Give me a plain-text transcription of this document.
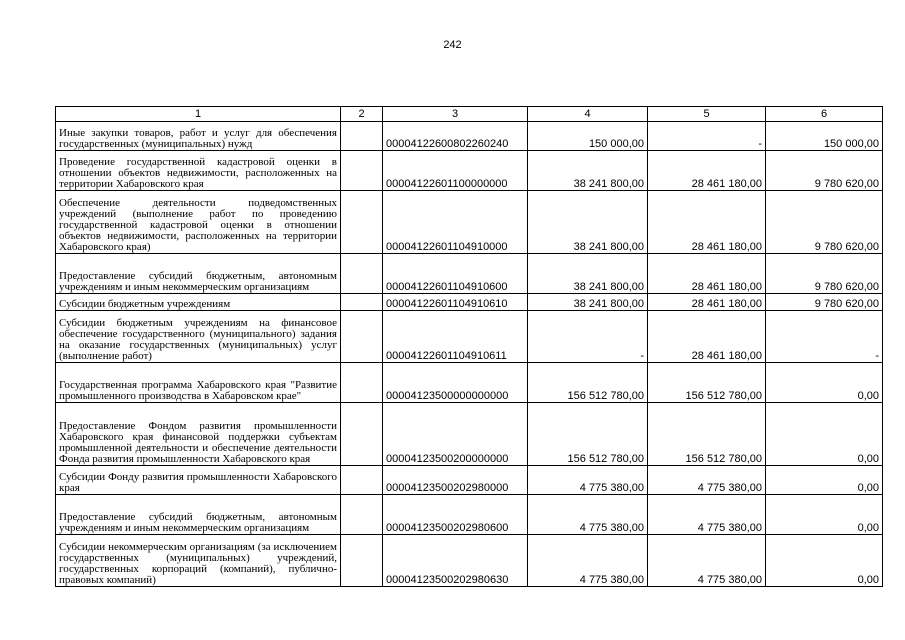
242
1	2	3	4	5	6
Иные закупки товаров, работ и услуг для обеспечения государственных (муниципальных) нужд		00004122600802260240	150 000,00	-	150 000,00
Проведение государственной кадастровой оценки в отношении объектов недвижимости, расположенных на территории Хабаровского края		00004122601100000000	38 241 800,00	28 461 180,00	9 780 620,00
Обеспечение деятельности подведомственных учреждений (выполнение работ по проведению государственной кадастровой оценки в отношении объектов недвижимости, расположенных на территории Хабаровского края)		00004122601104910000	38 241 800,00	28 461 180,00	9 780 620,00
Предоставление субсидий бюджетным, автономным учреждениям и иным некоммерческим организациям		00004122601104910600	38 241 800,00	28 461 180,00	9 780 620,00
Субсидии бюджетным учреждениям		00004122601104910610	38 241 800,00	28 461 180,00	9 780 620,00
Субсидии бюджетным учреждениям на финансовое обеспечение государственного (муниципального) задания на оказание государственных (муниципальных) услуг (выполнение работ)		00004122601104910611	-	28 461 180,00	-
Государственная программа Хабаровского края "Развитие промышленного производства в Хабаровском крае"		00004123500000000000	156 512 780,00	156 512 780,00	0,00
Предоставление Фондом развития промышленности Хабаровского края финансовой поддержки субъектам промышленной деятельности и обеспечение деятельности Фонда развития промышленности Хабаровского края		00004123500200000000	156 512 780,00	156 512 780,00	0,00
Субсидии Фонду развития промышленности Хабаровского края		00004123500202980000	4 775 380,00	4 775 380,00	0,00
Предоставление субсидий бюджетным, автономным учреждениям и иным некоммерческим организациям		00004123500202980600	4 775 380,00	4 775 380,00	0,00
Субсидии некоммерческим организациям (за исключением государственных (муниципальных) учреждений, государственных корпораций (компаний), публично-правовых компаний)		00004123500202980630	4 775 380,00	4 775 380,00	0,00
